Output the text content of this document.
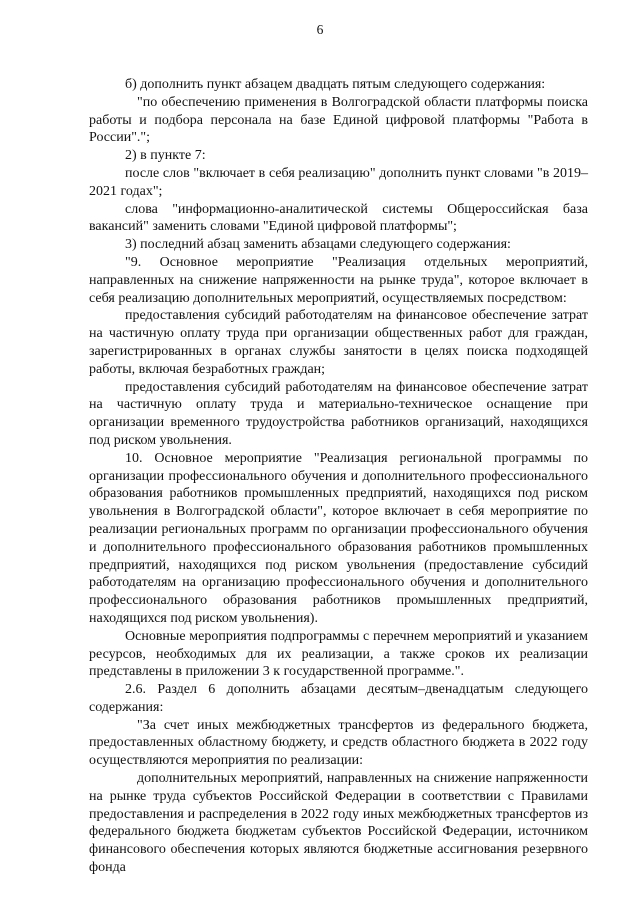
6

б) дополнить пункт абзацем двадцать пятым следующего содержания:

"по обеспечению применения в Волгоградской области платформы поиска работы и подбора персонала на базе Единой цифровой платформы "Работа в России".";

2) в пункте 7:

после слов "включает в себя реализацию" дополнить пункт словами "в 2019–2021 годах";

слова "информационно-аналитической системы Общероссийская база вакансий" заменить словами "Единой цифровой платформы";

3) последний абзац заменить абзацами следующего содержания:

"9. Основное мероприятие "Реализация отдельных мероприятий, направленных на снижение напряженности на рынке труда", которое включает в себя реализацию дополнительных мероприятий, осуществляемых посредством:

предоставления субсидий работодателям на финансовое обеспечение затрат на частичную оплату труда при организации общественных работ для граждан, зарегистрированных в органах службы занятости в целях поиска подходящей работы, включая безработных граждан;

предоставления субсидий работодателям на финансовое обеспечение затрат на частичную оплату труда и материально-техническое оснащение при организации временного трудоустройства работников организаций, находящихся под риском увольнения.

10. Основное мероприятие "Реализация региональной программы по организации профессионального обучения и дополнительного профессионального образования работников промышленных предприятий, находящихся под риском увольнения в Волгоградской области", которое включает в себя мероприятие по реализации региональных программ по организации профессионального обучения и дополнительного профессионального образования работников промышленных предприятий, находящихся под риском увольнения (предоставление субсидий работодателям на организацию профессионального обучения и дополнительного профессионального образования работников промышленных предприятий, находящихся под риском увольнения).

Основные мероприятия подпрограммы с перечнем мероприятий и указанием ресурсов, необходимых для их реализации, а также сроков их реализации представлены в приложении 3 к государственной программе.".

2.6. Раздел 6 дополнить абзацами десятым–двенадцатым следующего содержания:

"За счет иных межбюджетных трансфертов из федерального бюджета, предоставленных областному бюджету, и средств областного бюджета в 2022 году осуществляются мероприятия по реализации:

дополнительных мероприятий, направленных на снижение напряженности на рынке труда субъектов Российской Федерации в соответствии с Правилами предоставления и распределения в 2022 году иных межбюджетных трансфертов из федерального бюджета бюджетам субъектов Российской Федерации, источником финансового обеспечения которых являются бюджетные ассигнования резервного фонда
